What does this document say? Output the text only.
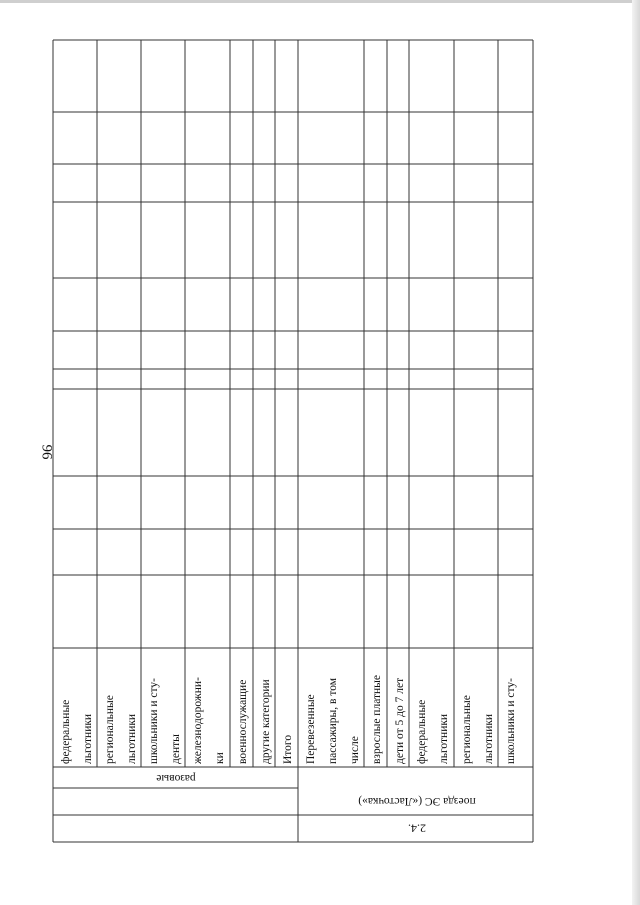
96
2.4.
поезда ЭС («Ласточка»)
разовые
федеральные льготники региональные льготники школьники и сту- денты железнодорожни- ки военнослужащие другие категории Итого Перевезенные пассажиры, в том числе взрослые платные дети от 5 до 7 лет федеральные льготники региональные льготники школьники и сту-
